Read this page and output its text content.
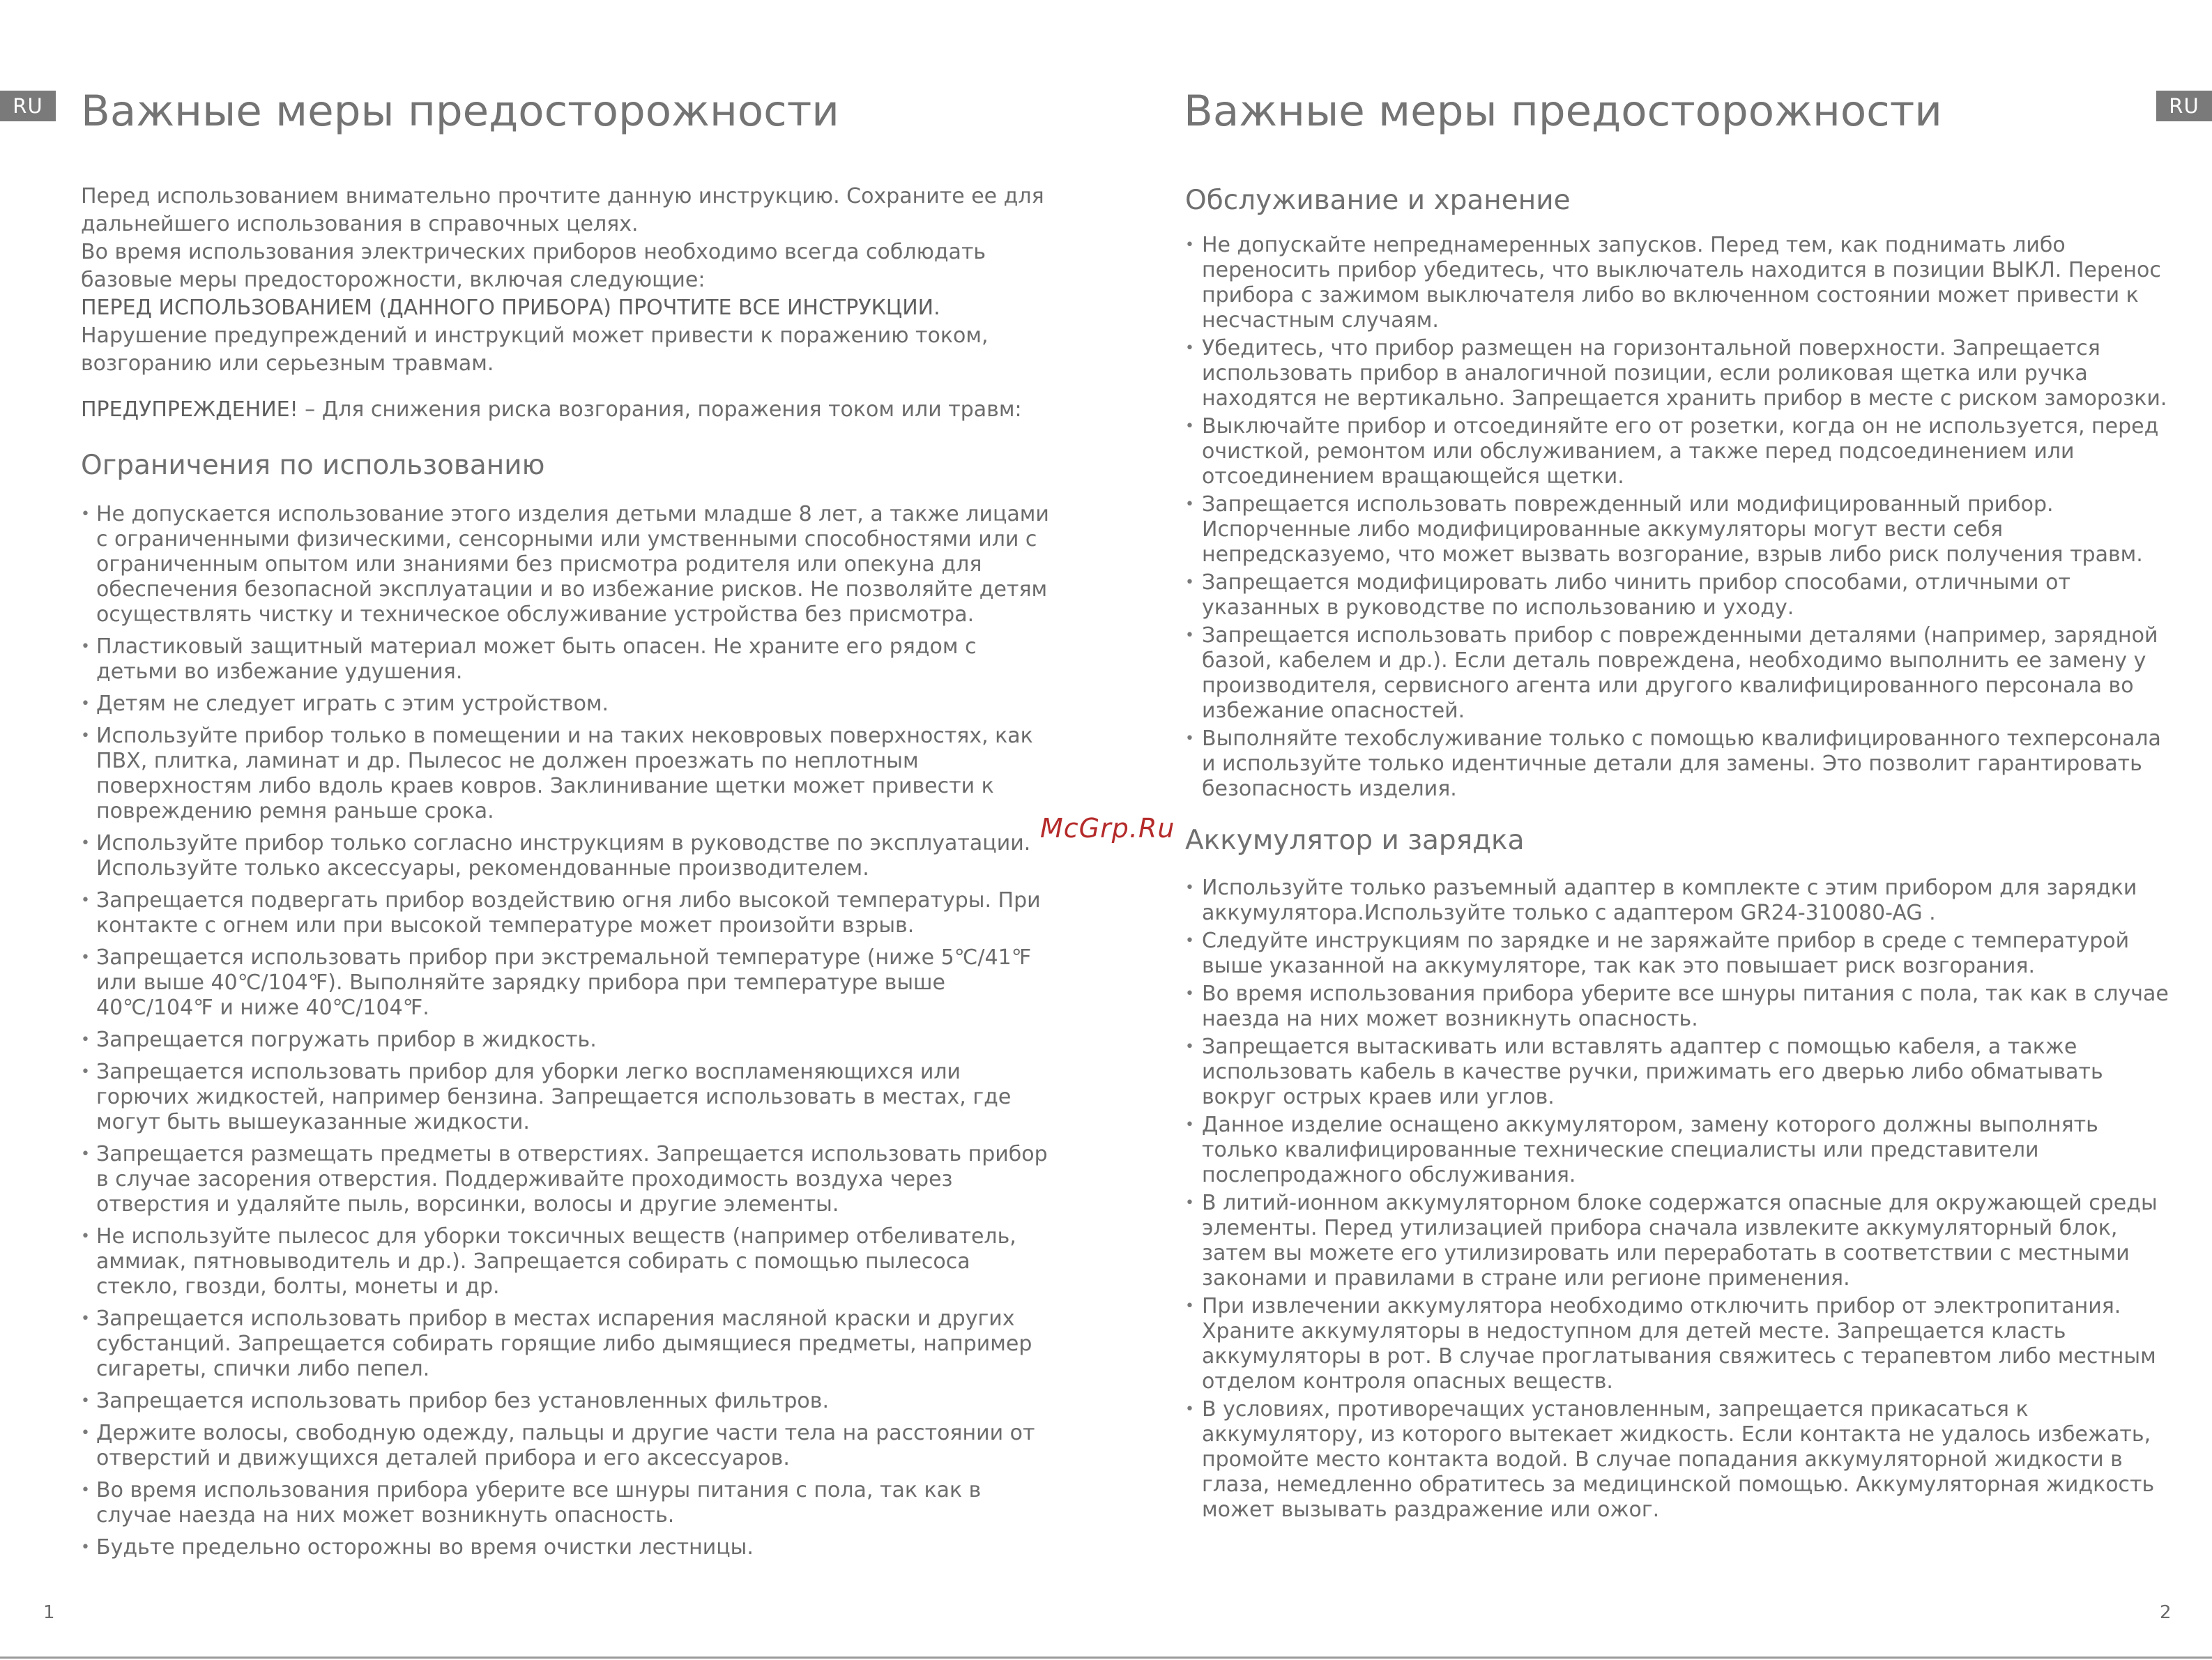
RU	RU
Важные меры предосторожности	Важные меры предосторожности

Перед использованием внимательно прочтите данную инструкцию. Сохраните ее для дальнейшего использования в справочных целях.

Во время использования электрических приборов необходимо всегда соблюдать базовые меры предосторожности, включая следующие:

ПЕРЕД ИСПОЛЬЗОВАНИЕМ (ДАННОГО ПРИБОРА) ПРОЧТИТЕ ВСЕ ИНСТРУКЦИИ.

Нарушение предупреждений и инструкций может привести к поражению током, возгоранию или серьезным травмам.

ПРЕДУПРЕЖДЕНИЕ! – Для снижения риска возгорания, поражения током или травм:

Ограничения по использованию
• Не допускается использование этого изделия детьми младше 8 лет, а также лицами с ограниченными физическими, сенсорными или умственными способностями или с ограниченным опытом или знаниями без присмотра родителя или опекуна для обеспечения безопасной эксплуатации и во избежание рисков. Не позволяйте детям осуществлять чистку и техническое обслуживание устройства без присмотра.
• Пластиковый защитный материал может быть опасен. Не храните его рядом с детьми во избежание удушения.
• Детям не следует играть с этим устройством.
• Используйте прибор только в помещении и на таких нековровых поверхностях, как ПВХ, плитка, ламинат и др. Пылесос не должен проезжать по неплотным поверхностям либо вдоль краев ковров. Заклинивание щетки может привести к повреждению ремня раньше срока.
• Используйте прибор только согласно инструкциям в руководстве по эксплуатации. Используйте только аксессуары, рекомендованные производителем.
• Запрещается подвергать прибор воздействию огня либо высокой температуры. При контакте с огнем или при высокой температуре может произойти взрыв.
• Запрещается использовать прибор при экстремальной температуре (ниже 5℃/41℉ или выше 40℃/104℉). Выполняйте зарядку прибора при температуре выше 40℃/104℉ и ниже 40℃/104℉.
• Запрещается погружать прибор в жидкость.
• Запрещается использовать прибор для уборки легко воспламеняющихся или горючих жидкостей, например бензина. Запрещается использовать в местах, где могут быть вышеуказанные жидкости.
• Запрещается размещать предметы в отверстиях. Запрещается использовать прибор в случае засорения отверстия. Поддерживайте проходимость воздуха через отверстия и удаляйте пыль, ворсинки, волосы и другие элементы.
• Не используйте пылесос для уборки токсичных веществ (например отбеливатель, аммиак, пятновыводитель и др.). Запрещается собирать с помощью пылесоса стекло, гвозди, болты, монеты и др.
• Запрещается использовать прибор в местах испарения масляной краски и других субстанций. Запрещается собирать горящие либо дымящиеся предметы, например сигареты, спички либо пепел.
• Запрещается использовать прибор без установленных фильтров.
• Держите волосы, свободную одежду, пальцы и другие части тела на расстоянии от отверстий и движущихся деталей прибора и его аксессуаров.
• Во время использования прибора уберите все шнуры питания с пола, так как в случае наезда на них может возникнуть опасность.
• Будьте предельно осторожны во время очистки лестницы.
Обслуживание и хранение
• Не допускайте непреднамеренных запусков. Перед тем, как поднимать либо переносить прибор убедитесь, что выключатель находится в позиции ВЫКЛ. Перенос прибора с зажимом выключателя либо во включенном состоянии может привести к несчастным случаям.
• Убедитесь, что прибор размещен на горизонтальной поверхности. Запрещается использовать прибор в аналогичной позиции, если роликовая щетка или ручка находятся не вертикально. Запрещается хранить прибор в месте с риском заморозки.
• Выключайте прибор и отсоединяйте его от розетки, когда он не используется, перед очисткой, ремонтом или обслуживанием, а также перед подсоединением или отсоединением вращающейся щетки.
• Запрещается использовать поврежденный или модифицированный прибор. Испорченные либо модифицированные аккумуляторы могут вести себя непредсказуемо, что может вызвать возгорание, взрыв либо риск получения травм.
• Запрещается модифицировать либо чинить прибор способами, отличными от указанных в руководстве по использованию и уходу.
• Запрещается использовать прибор с поврежденными деталями (например, зарядной базой, кабелем и др.). Если деталь повреждена, необходимо выполнить ее замену у производителя, сервисного агента или другого квалифицированного персонала во избежание опасностей.
• Выполняйте техобслуживание только с помощью квалифицированного техперсонала и используйте только идентичные детали для замены. Это позволит гарантировать безопасность изделия.
Аккумулятор и зарядка
• Используйте только разъемный адаптер в комплекте с этим прибором для зарядки аккумулятора.Используйте только с адаптером GR24-310080-AG .
• Следуйте инструкциям по зарядке и не заряжайте прибор в среде с температурой выше указанной на аккумуляторе, так как это повышает риск возгорания.
• Во время использования прибора уберите все шнуры питания с пола, так как в случае наезда на них может возникнуть опасность.
• Запрещается вытаскивать или вставлять адаптер с помощью кабеля, а также использовать кабель в качестве ручки, прижимать его дверью либо обматывать вокруг острых краев или углов.
• Данное изделие оснащено аккумулятором, замену которого должны выполнять только квалифицированные технические специалисты или представители послепродажного обслуживания.
• В литий-ионном аккумуляторном блоке содержатся опасные для окружающей среды элементы. Перед утилизацией прибора сначала извлеките аккумуляторный блок, затем вы можете его утилизировать или переработать в соответствии с местными законами и правилами в стране или регионе применения.
• При извлечении аккумулятора необходимо отключить прибор от электропитания. Храните аккумуляторы в недоступном для детей месте. Запрещается класть аккумуляторы в рот. В случае проглатывания свяжитесь с терапевтом либо местным отделом контроля опасных веществ.
• В условиях, противоречащих установленным, запрещается прикасаться к аккумулятору, из которого вытекает жидкость. Если контакта не удалось избежать, промойте место контакта водой. В случае попадания аккумуляторной жидкости в глаза, немедленно обратитесь за медицинской помощью. Аккумуляторная жидкость может вызывать раздражение или ожог.
McGrp.Ru
1	2
